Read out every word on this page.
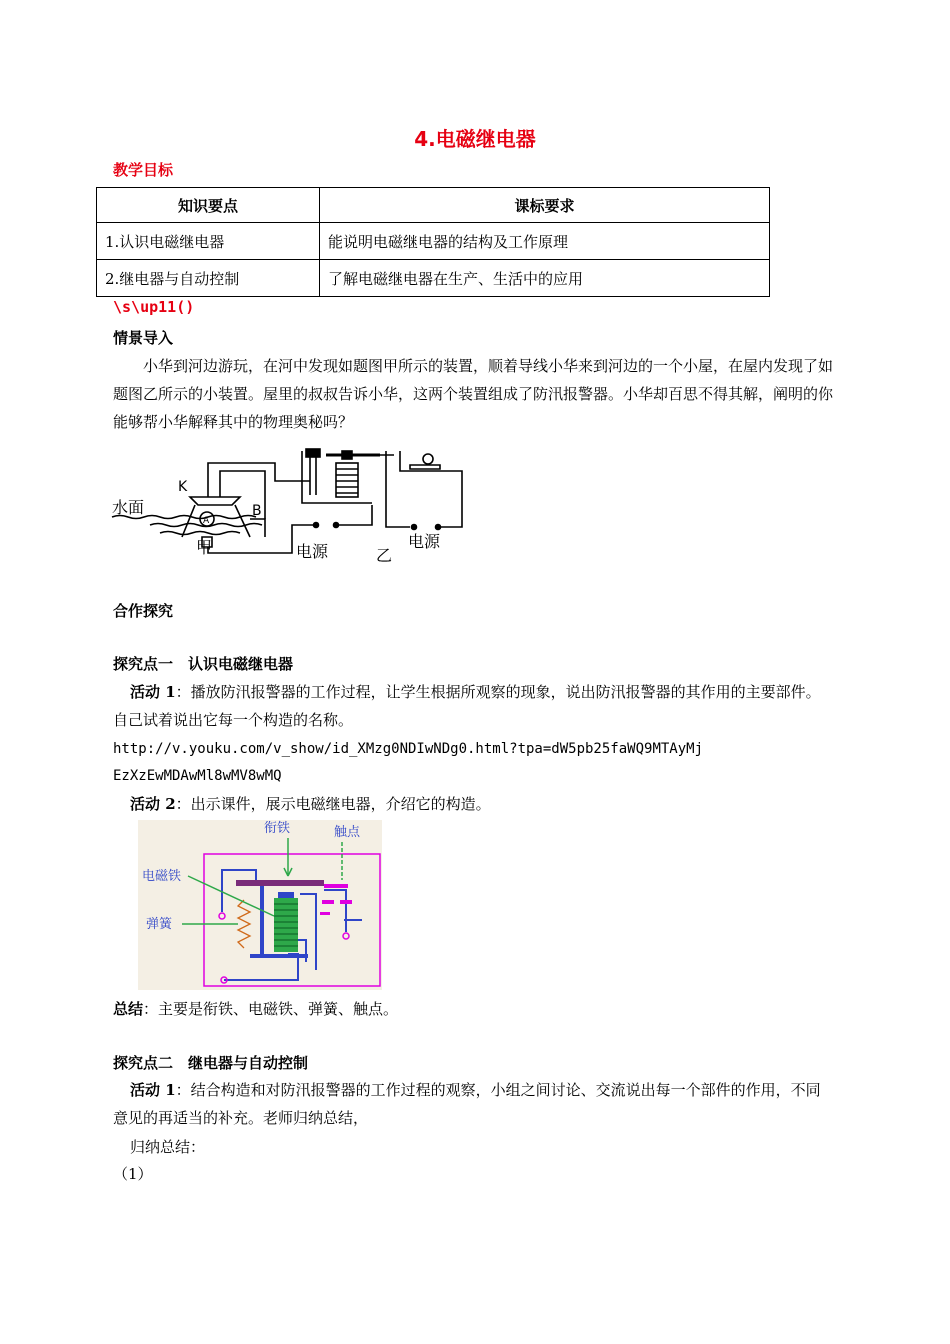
4.电磁继电器
教学目标
知识要点	课标要求
1.认识电磁继电器	能说明电磁继电器的结构及工作原理
2.继电器与自动控制	了解电磁继电器在生产、生活中的应用
\s\up11()
情景导入
小华到河边游玩，在河中发现如题图甲所示的装置，顺着导线小华来到河边的一个小屋，在屋内发现了如题图乙所示的小装置。屋里的叔叔告诉小华，这两个装置组成了防汛报警器。小华却百思不得其解，阐明的你能够帮小华解释其中的物理奥秘吗？
K
A
B
水面
甲	电源	乙
电源
合作探究
探究点一　认识电磁继电器
活动 1：播放防汛报警器的工作过程，让学生根据所观察的现象，说出防汛报警器的其作用的主要部件。自己试着说出它每一个构造的名称。
http://v.youku.com/v_show/id_XMzg0NDIwNDg0.html?tpa=dW5pb25faWQ9MTAyMj
EzXzEwMDAwMl8wMV8wMQ
活动 2：出示课件，展示电磁继电器，介绍它的构造。
衔铁	触点
电磁铁
弹簧
总结：主要是衔铁、电磁铁、弹簧、触点。
探究点二　继电器与自动控制
活动 1：结合构造和对防汛报警器的工作过程的观察，小组之间讨论、交流说出每一个部件的作用，不同意见的再适当的补充。老师归纳总结，
归纳总结：
（1）
